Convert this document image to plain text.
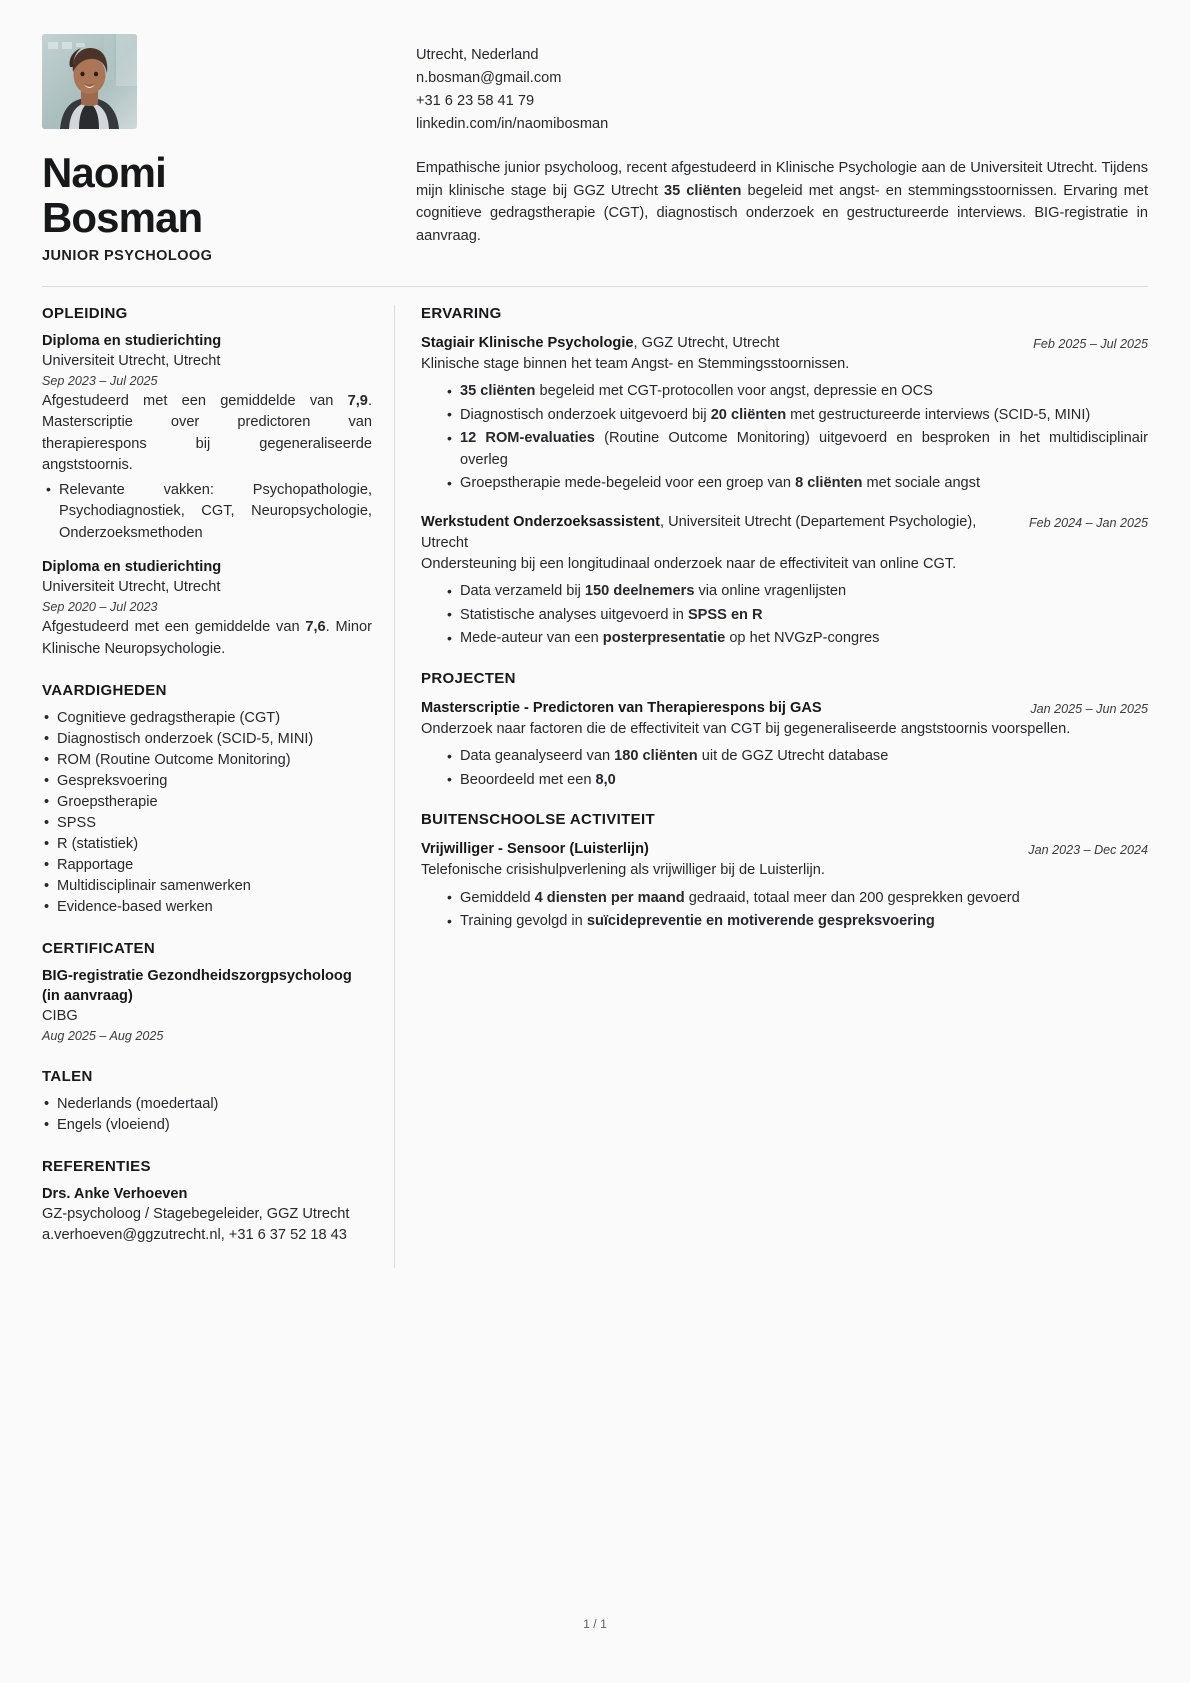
Naomi
Bosman
JUNIOR PSYCHOLOOG
Utrecht, Nederland
n.bosman@gmail.com
+31 6 23 58 41 79
linkedin.com/in/naomibosman
Empathische junior psycholoog, recent afgestudeerd in Klinische Psychologie aan de Universiteit Utrecht. Tijdens mijn klinische stage bij GGZ Utrecht 35 cliënten begeleid met angst- en stemmingsstoornissen. Ervaring met cognitieve gedragstherapie (CGT), diagnostisch onderzoek en gestructureerde interviews. BIG-registratie in aanvraag.
OPLEIDING
Diploma en studierichting
Universiteit Utrecht, Utrecht
Sep 2023 – Jul 2025
Afgestudeerd met een gemiddelde van 7,9. Masterscriptie over predictoren van therapierespons bij gegeneraliseerde angststoornis.
• Relevante vakken: Psychopathologie, Psychodiagnostiek, CGT, Neuropsychologie, Onderzoeksmethoden
Diploma en studierichting
Universiteit Utrecht, Utrecht
Sep 2020 – Jul 2023
Afgestudeerd met een gemiddelde van 7,6. Minor Klinische Neuropsychologie.
VAARDIGHEDEN
• Cognitieve gedragstherapie (CGT)
• Diagnostisch onderzoek (SCID-5, MINI)
• ROM (Routine Outcome Monitoring)
• Gespreksvoering
• Groepstherapie
• SPSS
• R (statistiek)
• Rapportage
• Multidisciplinair samenwerken
• Evidence-based werken
CERTIFICATEN
BIG-registratie Gezondheidszorgpsycholoog (in aanvraag)
CIBG
Aug 2025 – Aug 2025
TALEN
• Nederlands (moedertaal)
• Engels (vloeiend)
REFERENTIES
Drs. Anke Verhoeven
GZ-psycholoog / Stagebegeleider, GGZ Utrecht
a.verhoeven@ggzutrecht.nl, +31 6 37 52 18 43
ERVARING
Stagiair Klinische Psychologie, GGZ Utrecht, Utrecht	Feb 2025 – Jul 2025
Klinische stage binnen het team Angst- en Stemmingsstoornissen.
• 35 cliënten begeleid met CGT-protocollen voor angst, depressie en OCS
• Diagnostisch onderzoek uitgevoerd bij 20 cliënten met gestructureerde interviews (SCID-5, MINI)
• 12 ROM-evaluaties (Routine Outcome Monitoring) uitgevoerd en besproken in het multidisciplinair overleg
• Groepstherapie mede-begeleid voor een groep van 8 cliënten met sociale angst
Werkstudent Onderzoeksassistent, Universiteit Utrecht (Departement Psychologie), Utrecht
Feb 2024 – Jan 2025
Ondersteuning bij een longitudinaal onderzoek naar de effectiviteit van online CGT.
• Data verzameld bij 150 deelnemers via online vragenlijsten
• Statistische analyses uitgevoerd in SPSS en R
• Mede-auteur van een posterpresentatie op het NVGzP-congres
PROJECTEN
Masterscriptie - Predictoren van Therapierespons bij GAS	Jan 2025 – Jun 2025
Onderzoek naar factoren die de effectiviteit van CGT bij gegeneraliseerde angststoornis voorspellen.
• Data geanalyseerd van 180 cliënten uit de GGZ Utrecht database
• Beoordeeld met een 8,0
BUITENSCHOOLSE ACTIVITEIT
Vrijwilliger - Sensoor (Luisterlijn)	Jan 2023 – Dec 2024
Telefonische crisishulpverlening als vrijwilliger bij de Luisterlijn.
• Gemiddeld 4 diensten per maand gedraaid, totaal meer dan 200 gesprekken gevoerd
• Training gevolgd in suïcidepreventie en motiverende gespreksvoering
1 / 1
